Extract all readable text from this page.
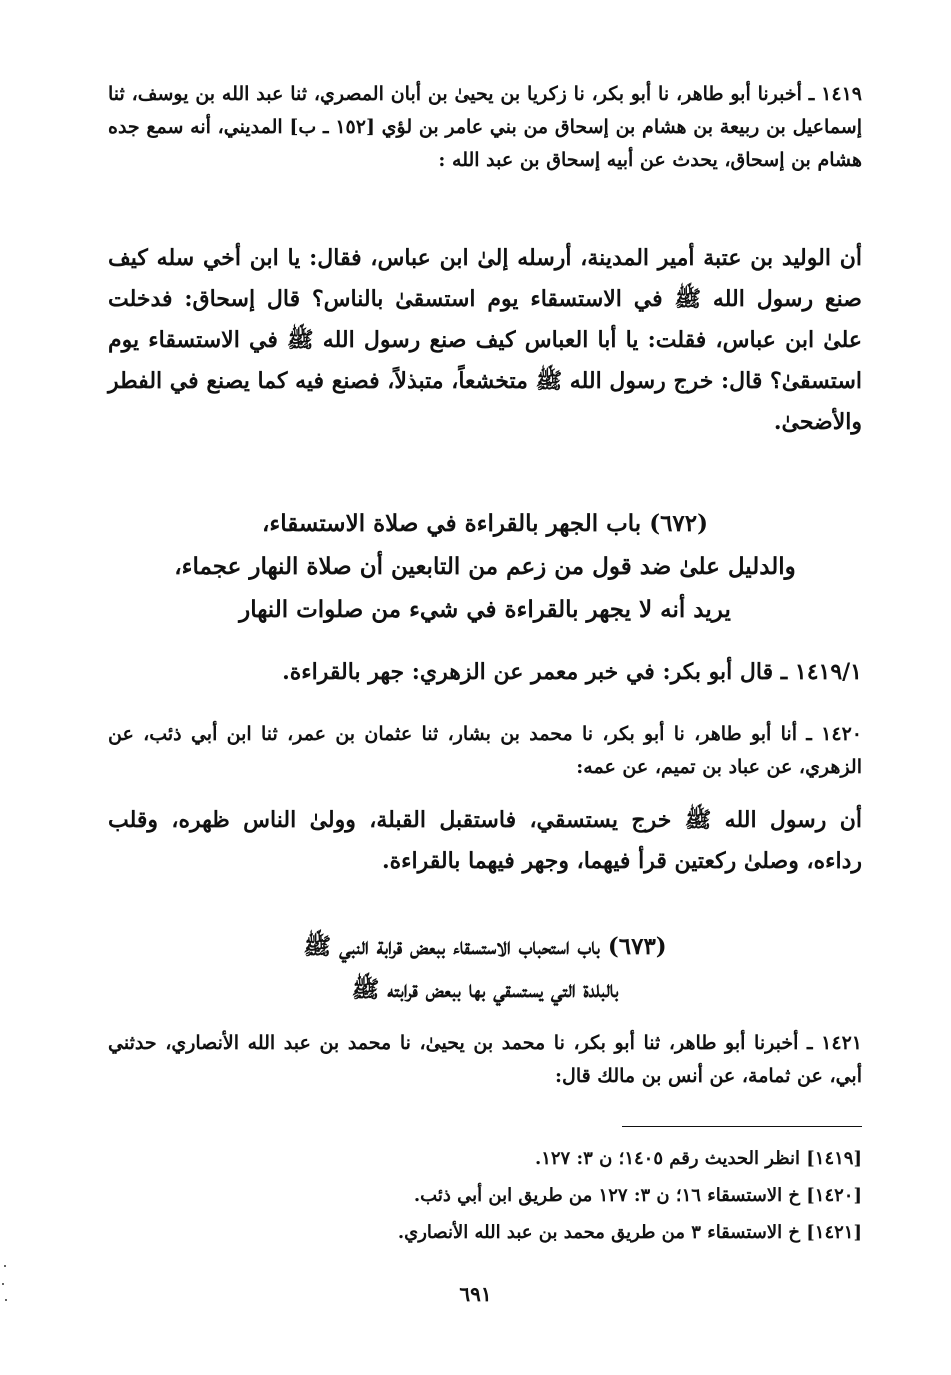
١٤١٩ ـ أخبرنا أبو طاهر، نا أبو بكر، نا زكريا بن يحيىٰ بن أبان المصري، ثنا عبد الله بن يوسف، ثنا إسماعيل بن ربيعة بن هشام بن إسحاق من بني عامر بن لؤي [١٥٢ ـ ب] المديني، أنه سمع جده هشام بن إسحاق، يحدث عن أبيه إسحاق بن عبد الله :

أن الوليد بن عتبة أمير المدينة، أرسله إلىٰ ابن عباس، فقال: يا ابن أخي سله كيف صنع رسول الله ﷺ في الاستسقاء يوم استسقىٰ بالناس؟ قال إسحاق: فدخلت علىٰ ابن عباس، فقلت: يا أبا العباس كيف صنع رسول الله ﷺ في الاستسقاء يوم استسقىٰ؟ قال: خرج رسول الله ﷺ متخشعاً، متبذلاً، فصنع فيه كما يصنع في الفطر والأضحىٰ.

(٦٧٢) باب الجهر بالقراءة في صلاة الاستسقاء،
والدليل علىٰ ضد قول من زعم من التابعين أن صلاة النهار عجماء،
يريد أنه لا يجهر بالقراءة في شيء من صلوات النهار

١٤١٩/١ ـ قال أبو بكر: في خبر معمر عن الزهري: جهر بالقراءة.

١٤٢٠ ـ أنا أبو طاهر، نا أبو بكر، نا محمد بن بشار، ثنا عثمان بن عمر، ثنا ابن أبي ذئب، عن الزهري، عن عباد بن تميم، عن عمه:

أن رسول الله ﷺ خرج يستسقي، فاستقبل القبلة، وولىٰ الناس ظهره، وقلب رداءه، وصلىٰ ركعتين قرأ فيهما، وجهر فيهما بالقراءة.

(٦٧٣) باب استحباب الاستسقاء ببعض قرابة النبي ﷺ
بالبلدة التي يستسقي بها ببعض قرابته ﷺ

١٤٢١ ـ أخبرنا أبو طاهر، ثنا أبو بكر، نا محمد بن يحيىٰ، نا محمد بن عبد الله الأنصاري، حدثني أبي، عن ثمامة، عن أنس بن مالك قال:

[١٤١٩] انظر الحديث رقم ١٤٠٥؛ ن ٣: ١٢٧.
[١٤٢٠] خ الاستسقاء ١٦؛ ن ٣: ١٢٧ من طريق ابن أبي ذئب.
[١٤٢١] خ الاستسقاء ٣ من طريق محمد بن عبد الله الأنصاري.
٦٩١
